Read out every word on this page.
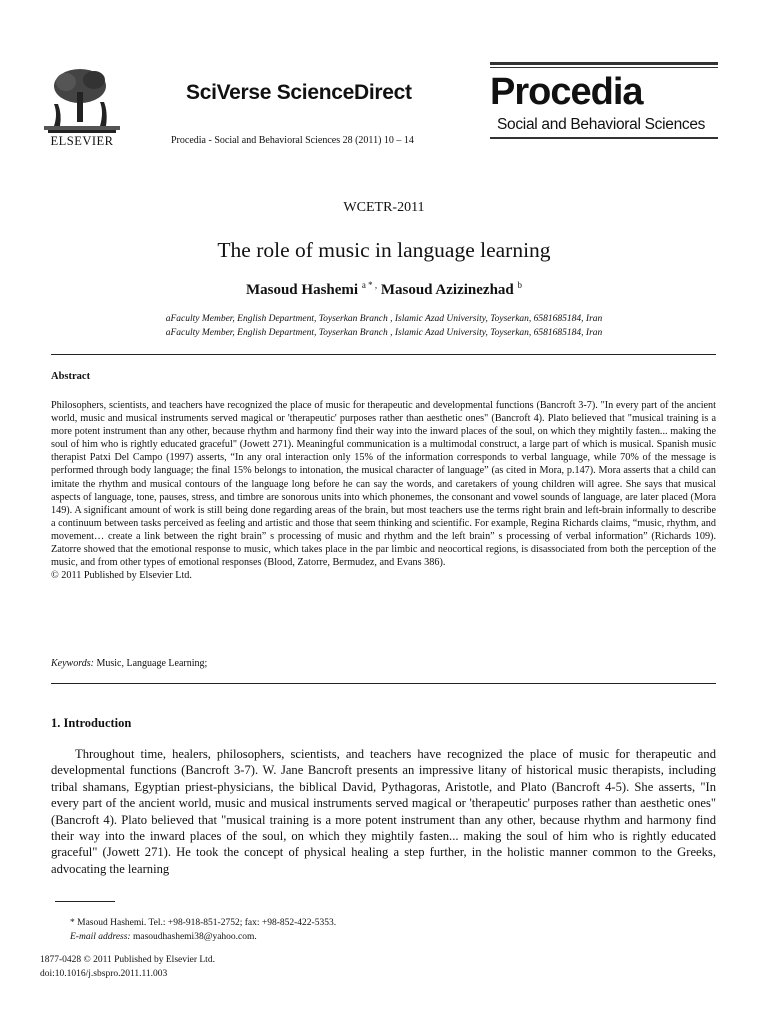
ELSEVIER
SciVerse ScienceDirect
Procedia - Social and Behavioral Sciences 28 (2011) 10 – 14
Procedia
Social and Behavioral Sciences
WCETR-2011
The role of music in language learning
Masoud Hashemi $^{a * ,}$ Masoud Azizinezhad $^b$
aFaculty Member, English Department, Toyserkan Branch , Islamic Azad University, Toyserkan, 6581685184, Iran
aFaculty Member, English Department, Toyserkan Branch , Islamic Azad University, Toyserkan, 6581685184, Iran
Abstract
Philosophers, scientists, and teachers have recognized the place of music for therapeutic and developmental functions (Bancroft 3-7). "In every part of the ancient world, music and musical instruments served magical or 'therapeutic' purposes rather than aesthetic ones" (Bancroft 4). Plato believed that "musical training is a more potent instrument than any other, because rhythm and harmony find their way into the inward places of the soul, on which they mightily fasten... making the soul of him who is rightly educated graceful" (Jowett 271). Meaningful communication is a multimodal construct, a large part of which is musical. Spanish music therapist Patxi Del Campo (1997) asserts, “In any oral interaction only 15% of the information corresponds to verbal language, while 70% of the message is performed through body language; the final 15% belongs to intonation, the musical character of language” (as cited in Mora, p.147). Mora asserts that a child can imitate the rhythm and musical contours of the language long before he can say the words, and caretakers of young children will agree. She says that musical aspects of language, tone, pauses, stress, and timbre are sonorous units into which phonemes, the consonant and vowel sounds of language, are later placed (Mora 149). A significant amount of work is still being done regarding areas of the brain, but most teachers use the terms right brain and left-brain informally to describe a continuum between tasks perceived as feeling and artistic and those that seem thinking and scientific. For example, Regina Richards claims, “music, rhythm, and movement… create a link between the right brain” s processing of music and rhythm and the left brain” s processing of verbal information” (Richards 109). Zatorre showed that the emotional response to music, which takes place in the par limbic and neocortical regions, is disassociated from both the perception of the music, and from other types of emotional responses (Blood, Zatorre, Bermudez, and Evans 386).
© 2011 Published by Elsevier Ltd.
Keywords: Music, Language Learning;
1. Introduction
Throughout time, healers, philosophers, scientists, and teachers have recognized the place of music for therapeutic and developmental functions (Bancroft 3-7). W. Jane Bancroft presents an impressive litany of historical music therapists, including tribal shamans, Egyptian priest-physicians, the biblical David, Pythagoras, Aristotle, and Plato (Bancroft 4-5). She asserts, "In every part of the ancient world, music and musical instruments served magical or 'therapeutic' purposes rather than aesthetic ones" (Bancroft 4). Plato believed that "musical training is a more potent instrument than any other, because rhythm and harmony find their way into the inward places of the soul, on which they mightily fasten... making the soul of him who is rightly educated graceful" (Jowett 271). He took the concept of physical healing a step further, in the holistic manner common to the Greeks, advocating the learning
* Masoud Hashemi. Tel.: +98-918-851-2752; fax: +98-852-422-5353.
E-mail address: masoudhashemi38@yahoo.com.
1877-0428 © 2011 Published by Elsevier Ltd.
doi:10.1016/j.sbspro.2011.11.003
